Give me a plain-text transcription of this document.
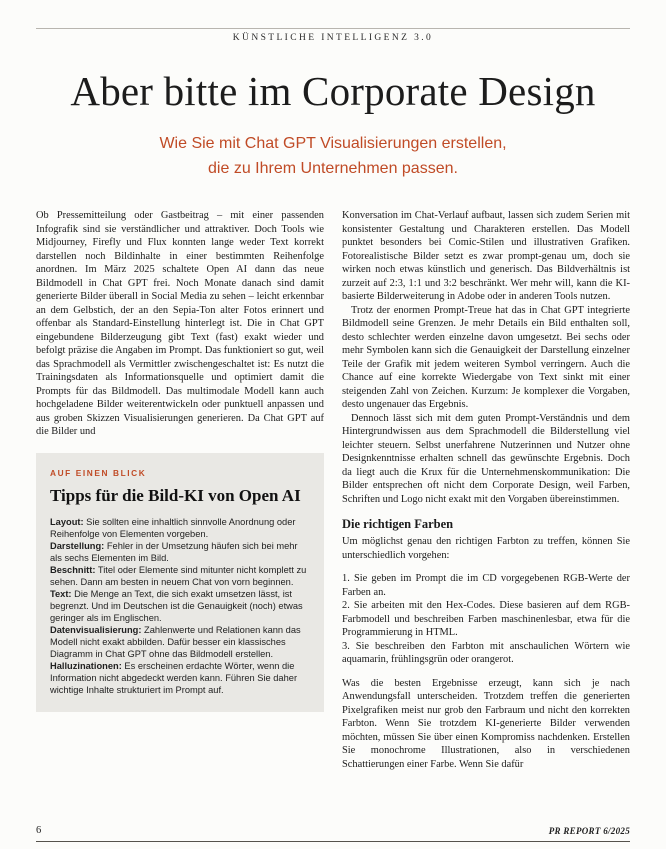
KÜNSTLICHE INTELLIGENZ 3.0
Aber bitte im Corporate Design
Wie Sie mit Chat GPT Visualisierungen erstellen,
die zu Ihrem Unternehmen passen.

Ob Pressemitteilung oder Gastbeitrag – mit einer passenden Infografik sind sie verständlicher und attraktiver. Doch Tools wie Midjourney, Firefly und Flux konnten lange weder Text korrekt darstellen noch Bildinhalte in einer bestimmten Reihenfolge anordnen. Im März 2025 schaltete Open AI dann das neue Bildmodell in Chat GPT frei. Noch Monate danach sind damit generierte Bilder überall in Social Media zu sehen – leicht erkennbar an dem Gelbstich, der an den Sepia-Ton alter Fotos erinnert und offenbar als Standard-Einstellung hinterlegt ist. Die in Chat GPT eingebundene Bilderzeugung gibt Text (fast) exakt wieder und befolgt präzise die Angaben im Prompt. Das funktioniert so gut, weil das Sprachmodell als Vermittler zwischengeschaltet ist: Es nutzt die Trainingsdaten als Informationsquelle und optimiert damit die Prompts für das Bildmodell. Das multimodale Modell kann auch hochgeladene Bilder weiterentwickeln oder punktuell anpassen und aus groben Skizzen Visualisierungen generieren. Da Chat GPT auf die Bilder und

AUF EINEN BLICK
Tipps für die Bild-KI von Open AI

Layout: Sie sollten eine inhaltlich sinnvolle Anordnung oder Reihenfolge von Elementen vorgeben.

Darstellung: Fehler in der Umsetzung häufen sich bei mehr als sechs Elementen im Bild.

Beschnitt: Titel oder Elemente sind mitunter nicht komplett zu sehen. Dann am besten in neuem Chat von vorn beginnen.

Text: Die Menge an Text, die sich exakt umsetzen lässt, ist begrenzt. Und im Deutschen ist die Genauigkeit (noch) etwas geringer als im Englischen.

Datenvisualisierung: Zahlenwerte und Relationen kann das Modell nicht exakt abbilden. Dafür besser ein klassisches Diagramm in Chat GPT ohne das Bildmodell erstellen.

Halluzinationen: Es erscheinen erdachte Wörter, wenn die Information nicht abgedeckt werden kann. Führen Sie daher wichtige Inhalte strukturiert im Prompt auf.

Konversation im Chat-Verlauf aufbaut, lassen sich zudem Serien mit konsistenter Gestaltung und Charakteren erstellen. Das Modell punktet besonders bei Comic-Stilen und illustrativen Grafiken. Fotorealistische Bilder setzt es zwar prompt-genau um, doch sie wirken noch etwas künstlich und generisch. Das Bildverhältnis ist zurzeit auf 2:3, 1:1 und 3:2 beschränkt. Wer mehr will, kann die KI-basierte Bilderweiterung in Adobe oder in anderen Tools nutzen.

Trotz der enormen Prompt-Treue hat das in Chat GPT integrierte Bildmodell seine Grenzen. Je mehr Details ein Bild enthalten soll, desto schlechter werden einzelne davon umgesetzt. Bei sechs oder mehr Symbolen kann sich die Genauigkeit der Darstellung einzelner Teile der Grafik mit jedem weiteren Symbol verringern. Auch die Chance auf eine korrekte Wiedergabe von Text sinkt mit einer steigenden Zahl von Zeichen. Kurzum: Je komplexer die Vorgaben, desto ungenauer das Ergebnis.

Dennoch lässt sich mit dem guten Prompt-Verständnis und dem Hintergrundwissen aus dem Sprachmodell die Bilderstellung viel leichter steuern. Selbst unerfahrene Nutzerinnen und Nutzer ohne Designkenntnisse erhalten schnell das gewünschte Ergebnis. Doch da liegt auch die Krux für die Unternehmenskommunikation: Die Bilder entsprechen oft nicht dem Corporate Design, weil Farben, Schriften und Logo nicht exakt mit den Vorgaben übereinstimmen.

Die richtigen Farben

Um möglichst genau den richtigen Farbton zu treffen, können Sie unterschiedlich vorgehen:

1. Sie geben im Prompt die im CD vorgegebenen RGB-Werte der Farben an.

2. Sie arbeiten mit den Hex-Codes. Diese basieren auf dem RGB-Farbmodell und beschreiben Farben maschinenlesbar, etwa für die Programmierung in HTML.

3. Sie beschreiben den Farbton mit anschaulichen Wörtern wie aquamarin, frühlingsgrün oder orangerot.

Was die besten Ergebnisse erzeugt, kann sich je nach Anwendungsfall unterscheiden. Trotzdem treffen die generierten Pixelgrafiken meist nur grob den Farbraum und nicht den korrekten Farbton. Wenn Sie trotzdem KI-generierte Bilder verwenden möchten, müssen Sie über einen Kompromiss nachdenken. Erstellen Sie monochrome Illustrationen, also in verschiedenen Schattierungen einer Farbe. Wenn Sie dafür

6	PR REPORT 6/2025
